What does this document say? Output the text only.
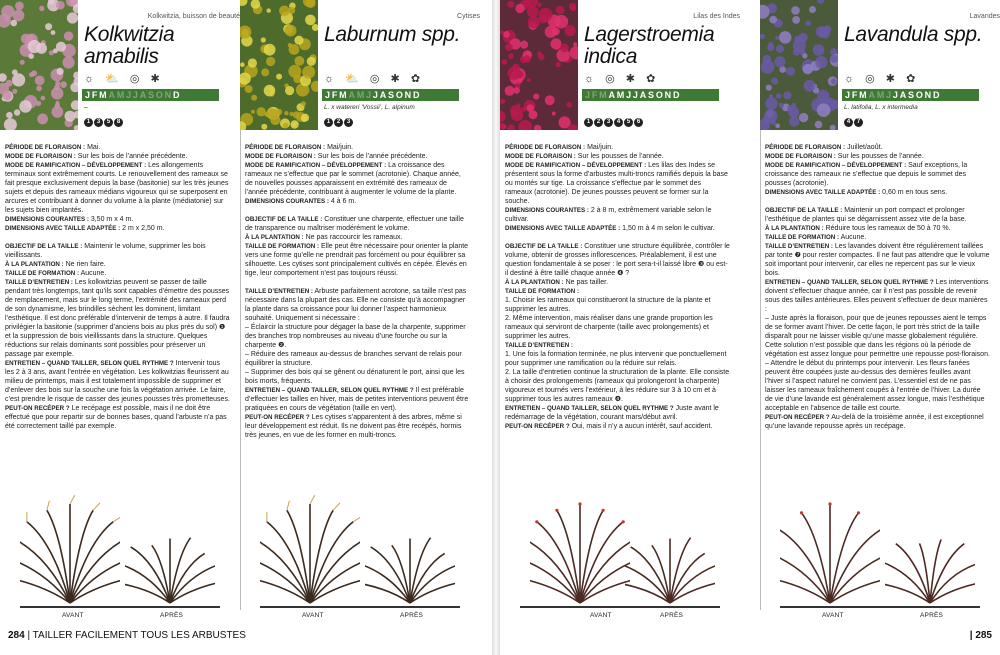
Kolkwitzia, buisson de beauté
Kolkwitzia
amabilis
☼ ⛅ ◎ ✱
JFMAMJJASOND
–
1 3 5 8

PÉRIODE DE FLORAISON : Mai.

MODE DE FLORAISON : Sur les bois de l’année précédente.

MODE DE RAMIFICATION – DÉVELOPPEMENT : Les allongements terminaux sont extrêmement courts. Le renouvellement des rameaux se fait presque exclusivement depuis la base (basitonie) sur les très jeunes sujets et depuis des rameaux médians vigoureux qui se superposent en arcures et contribuant à donner du volume à la plante (médiatonie) sur les sujets bien implantés.

DIMENSIONS COURANTES : 3,50 m x 4 m.

DIMENSIONS AVEC TAILLE ADAPTÉE : 2 m x 2,50 m.

OBJECTIF DE LA TAILLE : Maintenir le volume, supprimer les bois vieillissants.

À LA PLANTATION : Ne rien faire.

TAILLE DE FORMATION : Aucune.

TAILLE D’ENTRETIEN : Les kolkwitzias peuvent se passer de taille pendant très longtemps, tant qu’ils sont capables d’émettre des pousses de remplacement, mais sur le long terme, l’extrémité des rameaux perd de son dynamisme, les brindilles sèchent les dominent, limitant l’esthétique. Il est donc préférable d’intervenir de temps à autre. Il faudra privilégier la basitonie (supprimer d’anciens bois au plus près du sol) ❶ et la suppression de bois vieillissants dans la structure. Quelques réductions sur relais dominants sont possibles pour préserver un passage par exemple.

ENTRETIEN – QUAND TAILLER, SELON QUEL RYTHME ? Intervenir tous les 2 à 3 ans, avant l’entrée en végétation. Les kolkwitzias fleurissent au milieu de printemps, mais il est totalement impossible de supprimer et d’enlever des bois sur la souche une fois la végétation arrivée. Le faire, c’est prendre le risque de casser des jeunes pousses très prometteuses.

PEUT-ON RECÉPER ? Le recépage est possible, mais il ne doit être effectué que pour repartir sur de bonnes bases, quand l’arbuste n’a pas été correctement taillé par exemple.

AVANT	APRÈS
Cytises
Laburnum spp.
☼ ⛅ ◎ ✱ ✿
JFMAMJJASOND
L. x watereri ‘Vossii’, L. alpinum
1 2 3

PÉRIODE DE FLORAISON : Mai/juin.

MODE DE FLORAISON : Sur les bois de l’année précédente.

MODE DE RAMIFICATION – DÉVELOPPEMENT : La croissance des rameaux ne s’effectue que par le sommet (acrotonie). Chaque année, de nouvelles pousses apparaissent en extrémité des rameaux de l’année précédente, contribuant à augmenter le volume de la plante.

DIMENSIONS COURANTES : 4 à 6 m.

OBJECTIF DE LA TAILLE : Constituer une charpente, effectuer une taille de transparence ou maîtriser modérément le volume.

À LA PLANTATION : Ne pas raccourcir les rameaux.

TAILLE DE FORMATION : Elle peut être nécessaire pour orienter la plante vers une forme qu’elle ne prendrait pas forcément ou pour équilibrer sa silhouette. Les cytises sont principalement cultivés en cépée. Élevés en tige, leur comportement n’est pas toujours réussi.

TAILLE D’ENTRETIEN : Arbuste parfaitement acrotone, sa taille n’est pas nécessaire dans la plupart des cas. Elle ne consiste qu’à accompagner la plante dans sa croissance pour lui donner l’aspect harmonieux souhaité. Uniquement si nécessaire :

– Éclaircir la structure pour dégager la base de la charpente, supprimer des branches trop nombreuses au niveau d’une fourche ou sur la charpente ❷.

– Réduire des rameaux au-dessus de branches servant de relais pour équilibrer la structure.

– Supprimer des bois qui se gênent ou dénaturent le port, ainsi que les bois morts, fréquents.

ENTRETIEN – QUAND TAILLER, SELON QUEL RYTHME ? Il est préférable d’effectuer les tailles en hiver, mais de petites interventions peuvent être pratiquées en cours de végétation (taille en vert).

PEUT-ON RECÉPER ? Les cytises s’apparentent à des arbres, même si leur développement est réduit. Ils ne doivent pas être recépés, hormis très jeunes, en vue de les former en multi-troncs.

AVANT	APRÈS
Lilas des Indes
Lagerstroemia
indica
☼ ◎ ✱ ✿
JFMAMJJASOND
1 2 3 4 5 6

PÉRIODE DE FLORAISON : Mai/juin.

MODE DE FLORAISON : Sur les pousses de l’année.

MODE DE RAMIFICATION – DÉVELOPPEMENT : Les lilas des Indes se présentent sous la forme d’arbustes multi-troncs ramifiés depuis la base ou montés sur tige. La croissance s’effectue par le sommet des rameaux (acrotonie). De jeunes pousses peuvent se former sur la souche.

DIMENSIONS COURANTES : 2 à 8 m, extrêmement variable selon le cultivar.

DIMENSIONS AVEC TAILLE ADAPTÉE : 1,50 m à 4 m selon le cultivar.

OBJECTIF DE LA TAILLE : Constituer une structure équilibrée, contrôler le volume, obtenir de grosses inflorescences. Préalablement, il est une question fondamentale à se poser : le port sera-t-il laissé libre ❸ ou est-il destiné à être taillé chaque année ❹ ?

À LA PLANTATION : Ne pas tailler.

TAILLE DE FORMATION :

1. Choisir les rameaux qui constitueront la structure de la plante et supprimer les autres.

2. Même intervention, mais réaliser dans une grande proportion les rameaux qui serviront de charpente (taille avec prolongements) et supprimer les autres.

TAILLE D’ENTRETIEN :

1. Une fois la formation terminée, ne plus intervenir que ponctuellement pour supprimer une ramification ou la réduire sur relais.

2. La taille d’entretien continue la structuration de la plante. Elle consiste à choisir des prolongements (rameaux qui prolongeront la charpente) vigoureux et tournés vers l’extérieur, à les réduire sur 3 à 10 cm et à supprimer tous les autres rameaux ❹.

ENTRETIEN – QUAND TAILLER, SELON QUEL RYTHME ? Juste avant le redémarrage de la végétation, courant mars/début avril.

PEUT-ON RECÉPER ? Oui, mais il n’y a aucun intérêt, sauf accident.

AVANT	APRÈS
Lavandes
Lavandula spp.
☼ ◎ ✱ ✿
JFMAMJJASOND
L. latifolia, L. x intermedia
4 7

PÉRIODE DE FLORAISON : Juillet/août.

MODE DE FLORAISON : Sur les pousses de l’année.

MODE DE RAMIFICATION – DÉVELOPPEMENT : Sauf exceptions, la croissance des rameaux ne s’effectue que depuis le sommet des pousses (acrotonie).

DIMENSIONS AVEC TAILLE ADAPTÉE : 0,60 m en tous sens.

OBJECTIF DE LA TAILLE : Maintenir un port compact et prolonger l’esthétique de plantes qui se dégarnissent assez vite de la base.

À LA PLANTATION : Réduire tous les rameaux de 50 à 70 %.

TAILLE DE FORMATION : Aucune.

TAILLE D’ENTRETIEN : Les lavandes doivent être régulièrement taillées par tonte ❼ pour rester compactes. Il ne faut pas attendre que le volume soit important pour intervenir, car elles ne repercent pas sur le vieux bois.

ENTRETIEN – QUAND TAILLER, SELON QUEL RYTHME ? Les interventions doivent s’effectuer chaque année, car il n’est pas possible de revenir sous des tailles antérieures. Elles peuvent s’effectuer de deux manières :

– Juste après la floraison, pour que de jeunes repousses aient le temps de se former avant l’hiver. De cette façon, le port très strict de la taille disparaît pour ne laisser visible qu’une masse globalement régulière. Cette solution n’est possible que dans les régions où la période de végétation est assez longue pour permettre une repousse post-floraison.

– Attendre le début du printemps pour intervenir. Les fleurs fanées peuvent être coupées juste au-dessus des dernières feuilles avant l’hiver si l’aspect naturel ne convient pas. L’essentiel est de ne pas laisser les rameaux fraîchement coupés à l’entrée de l’hiver. La durée de vie d’une lavande est généralement assez longue, mais l’esthétique acceptable en l’absence de taille est courte.

PEUT-ON RECÉPER ? Au-delà de la troisième année, il est exceptionnel qu’une lavande repousse après un recépage.

AVANT	APRÈS
284 | TAILLER FACILEMENT TOUS LES ARBUSTES	| 285
